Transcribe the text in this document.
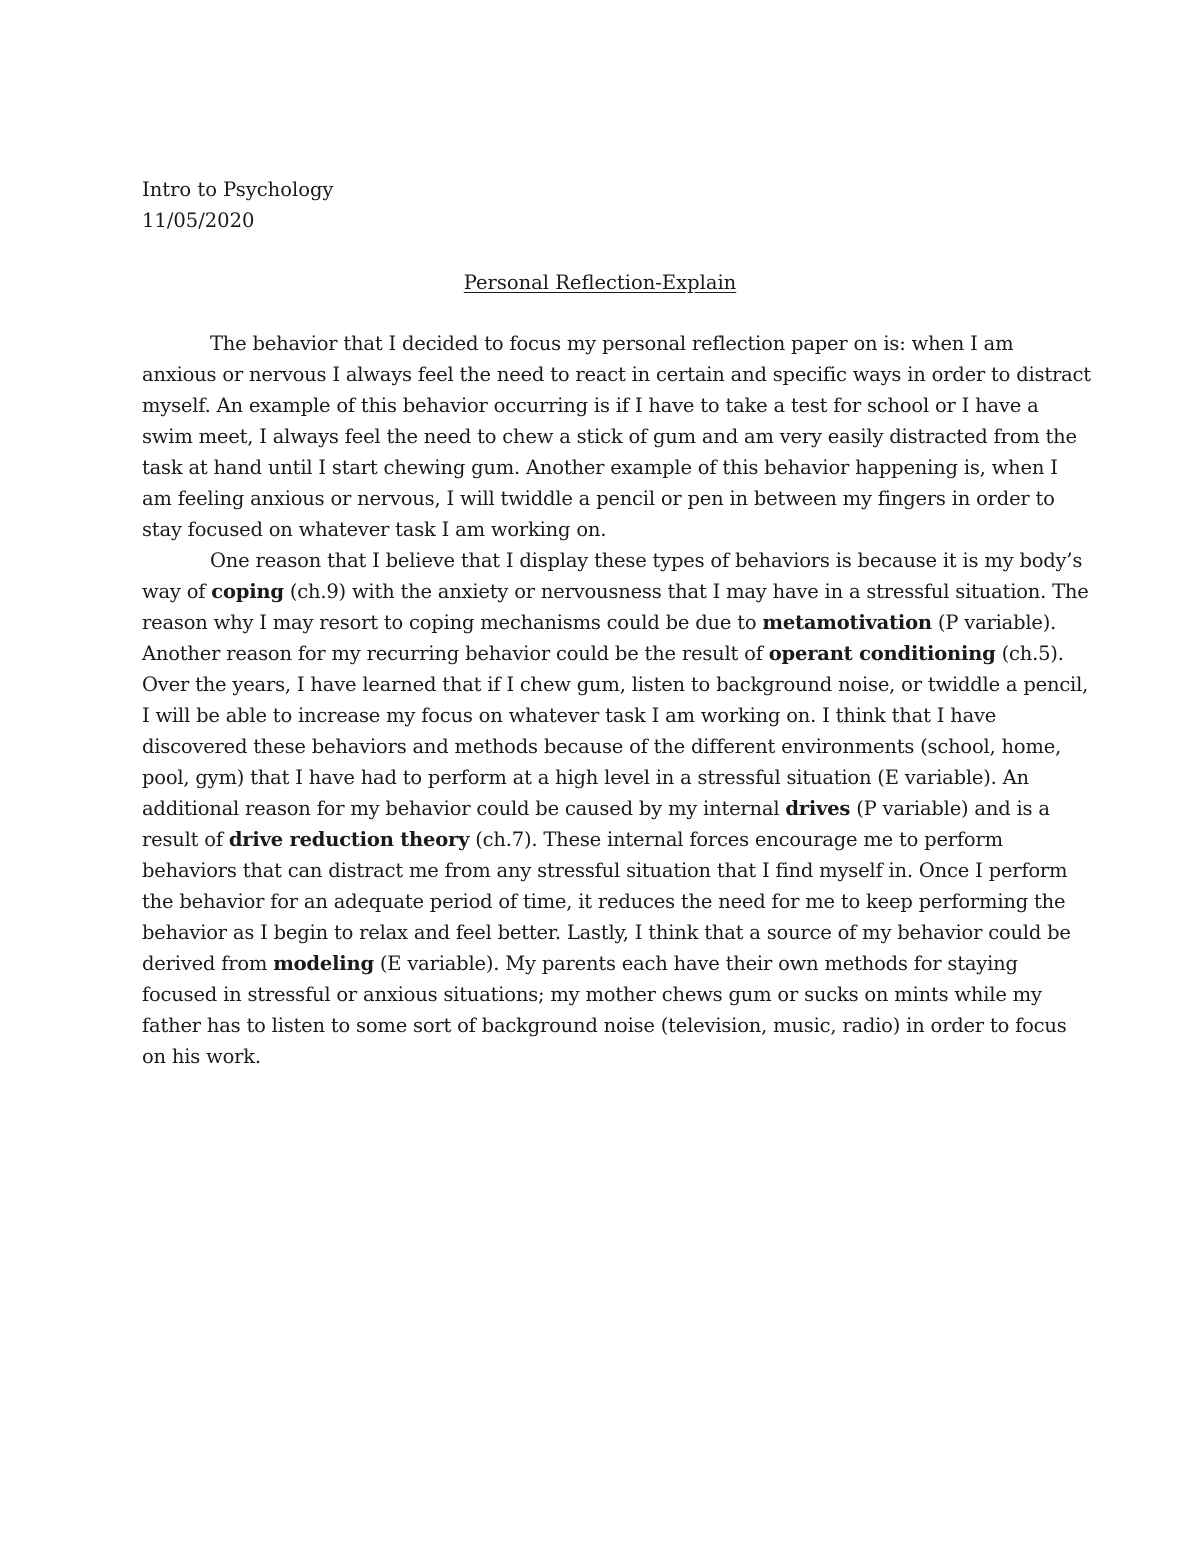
Intro to Psychology
11/05/2020
Personal Reflection-Explain
The behavior that I decided to focus my personal reflection paper on is: when I am
anxious or nervous I always feel the need to react in certain and specific ways in order to distract
myself. An example of this behavior occurring is if I have to take a test for school or I have a
swim meet, I always feel the need to chew a stick of gum and am very easily distracted from the
task at hand until I start chewing gum. Another example of this behavior happening is, when I
am feeling anxious or nervous, I will twiddle a pencil or pen in between my fingers in order to
stay focused on whatever task I am working on.
One reason that I believe that I display these types of behaviors is because it is my body’s
way of coping (ch.9) with the anxiety or nervousness that I may have in a stressful situation. The
reason why I may resort to coping mechanisms could be due to metamotivation (P variable).
Another reason for my recurring behavior could be the result of operant conditioning (ch.5).
Over the years, I have learned that if I chew gum, listen to background noise, or twiddle a pencil,
I will be able to increase my focus on whatever task I am working on. I think that I have
discovered these behaviors and methods because of the different environments (school, home,
pool, gym) that I have had to perform at a high level in a stressful situation (E variable). An
additional reason for my behavior could be caused by my internal drives (P variable) and is a
result of drive reduction theory (ch.7). These internal forces encourage me to perform
behaviors that can distract me from any stressful situation that I find myself in. Once I perform
the behavior for an adequate period of time, it reduces the need for me to keep performing the
behavior as I begin to relax and feel better. Lastly, I think that a source of my behavior could be
derived from modeling (E variable). My parents each have their own methods for staying
focused in stressful or anxious situations; my mother chews gum or sucks on mints while my
father has to listen to some sort of background noise (television, music, radio) in order to focus
on his work.
